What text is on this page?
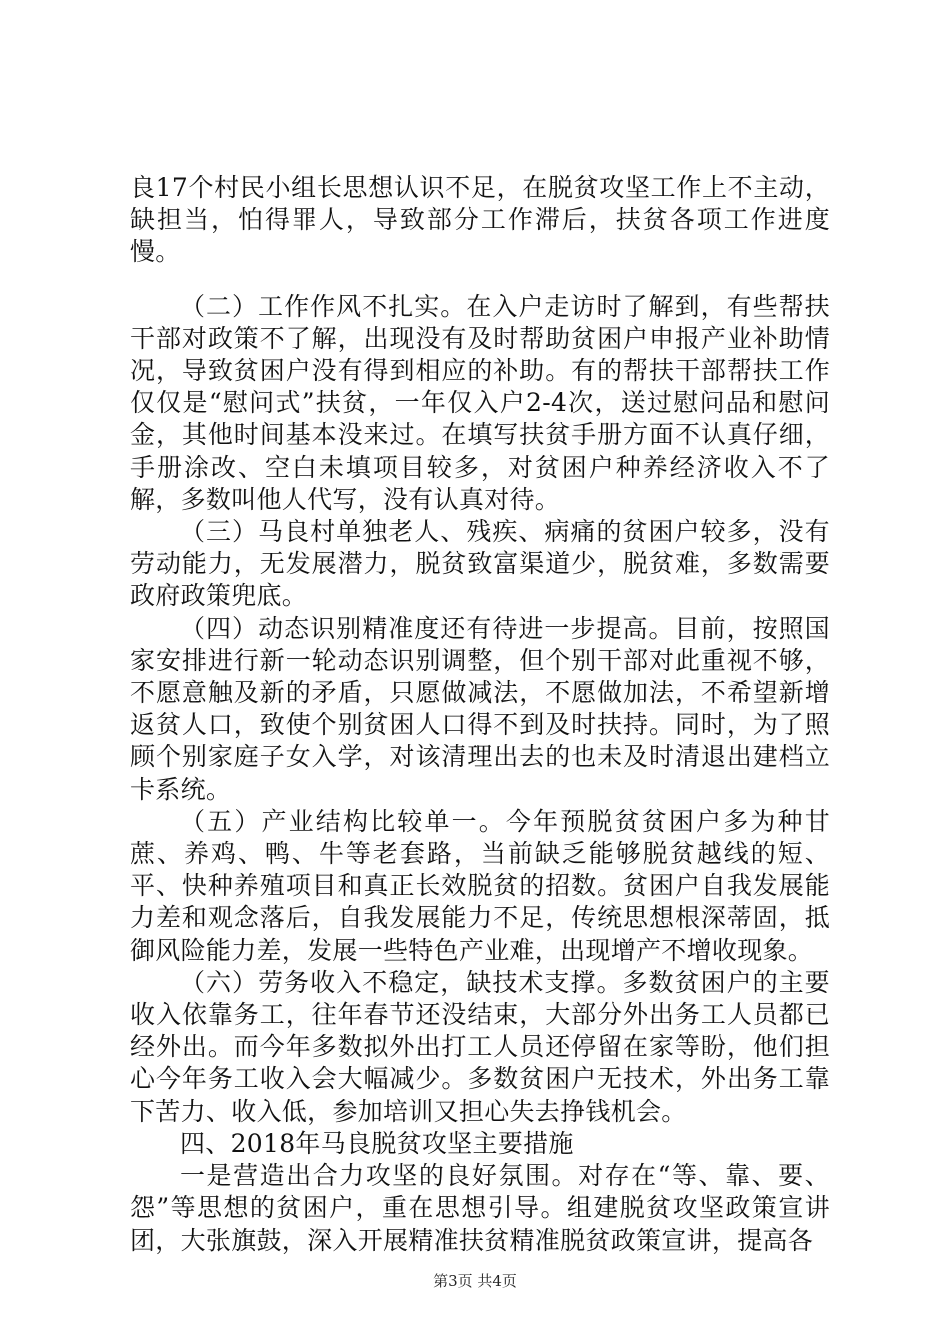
良17个村民小组长思想认识不足，在脱贫攻坚工作上不主动，缺担当，怕得罪人，导致部分工作滞后，扶贫各项工作进度慢。

（二）工作作风不扎实。在入户走访时了解到，有些帮扶干部对政策不了解，出现没有及时帮助贫困户申报产业补助情况，导致贫困户没有得到相应的补助。有的帮扶干部帮扶工作仅仅是“慰问式”扶贫，一年仅入户2-4次，送过慰问品和慰问金，其他时间基本没来过。在填写扶贫手册方面不认真仔细，手册涂改、空白未填项目较多，对贫困户种养经济收入不了解，多数叫他人代写，没有认真对待。

（三）马良村单独老人、残疾、病痛的贫困户较多，没有劳动能力，无发展潜力，脱贫致富渠道少，脱贫难，多数需要政府政策兜底。

（四）动态识别精准度还有待进一步提高。目前，按照国家安排进行新一轮动态识别调整，但个别干部对此重视不够，不愿意触及新的矛盾，只愿做减法，不愿做加法，不希望新增返贫人口，致使个别贫困人口得不到及时扶持。同时，为了照顾个别家庭子女入学，对该清理出去的也未及时清退出建档立卡系统。

（五）产业结构比较单一。今年预脱贫贫困户多为种甘蔗、养鸡、鸭、牛等老套路，当前缺乏能够脱贫越线的短、平、快种养殖项目和真正长效脱贫的招数。贫困户自我发展能力差和观念落后，自我发展能力不足，传统思想根深蒂固，抵御风险能力差，发展一些特色产业难，出现增产不增收现象。

（六）劳务收入不稳定，缺技术支撑。多数贫困户的主要收入依靠务工，往年春节还没结束，大部分外出务工人员都已经外出。而今年多数拟外出打工人员还停留在家等盼，他们担心今年务工收入会大幅减少。多数贫困户无技术，外出务工靠下苦力、收入低，参加培训又担心失去挣钱机会。

四、2018年马良脱贫攻坚主要措施

一是营造出合力攻坚的良好氛围。对存在“等、靠、要、怨”等思想的贫困户，重在思想引导。组建脱贫攻坚政策宣讲团，大张旗鼓，深入开展精准扶贫精准脱贫政策宣讲，提高各

第3页 共4页
